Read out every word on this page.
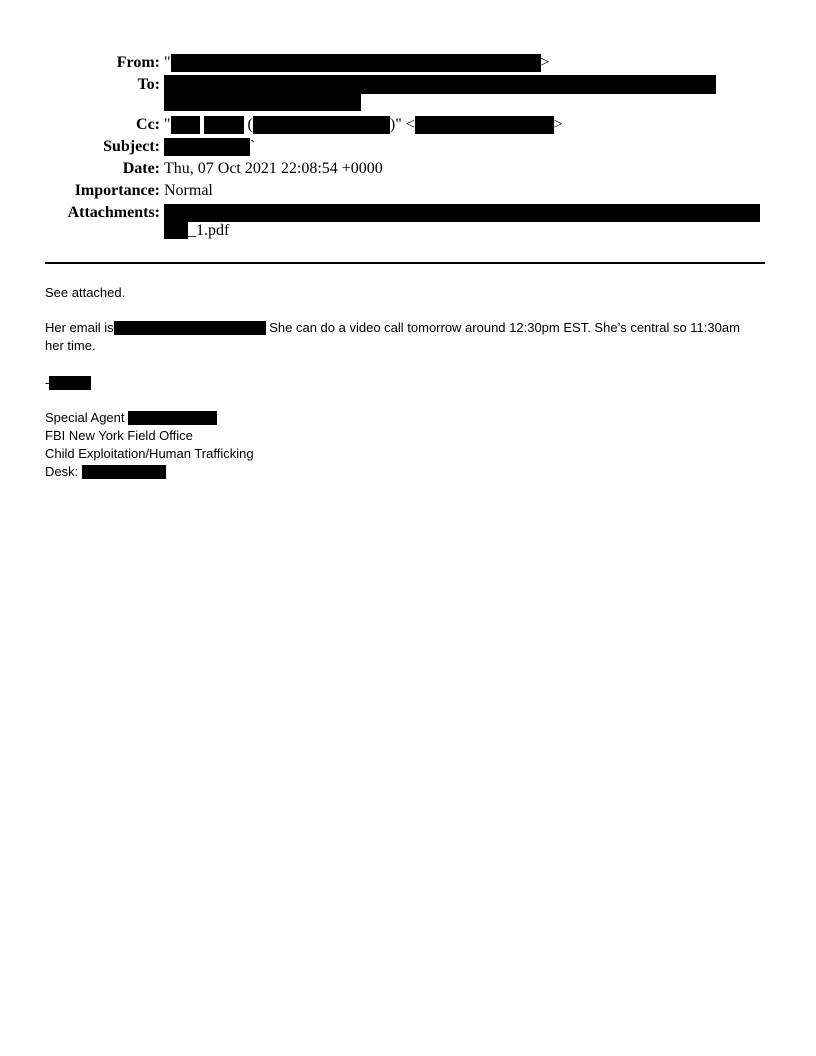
From: "	>
To:
Cc: "	(	)" <	>
Subject:	`
Date: Thu, 07 Oct 2021 22:08:54 +0000
Importance: Normal
Attachments:
_1.pdf
See attached.
Her email is	She can do a video call tomorrow around 12:30pm EST. She’s central so 11:30am
her time.
-
Special Agent
FBI New York Field Office
Child Exploitation/Human Trafficking
Desk:
